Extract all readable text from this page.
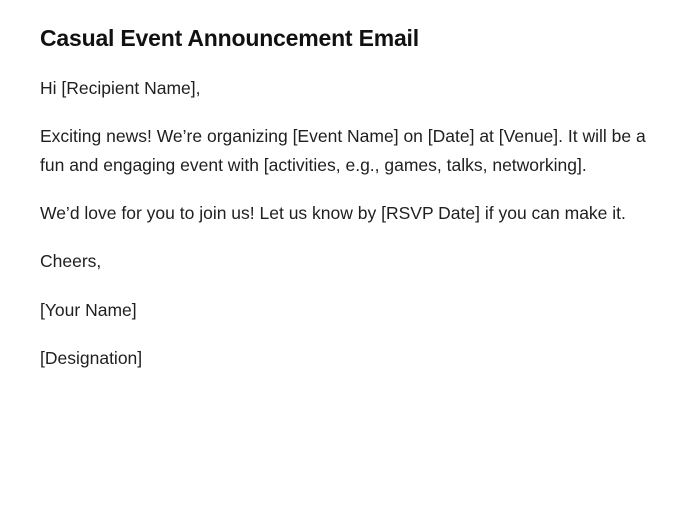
Casual Event Announcement Email

Hi [Recipient Name],

Exciting news! We’re organizing [Event Name] on [Date] at [Venue]. It will be a fun and engaging event with [activities, e.g., games, talks, networking].

We’d love for you to join us! Let us know by [RSVP Date] if you can make it.

Cheers,

[Your Name]

[Designation]
